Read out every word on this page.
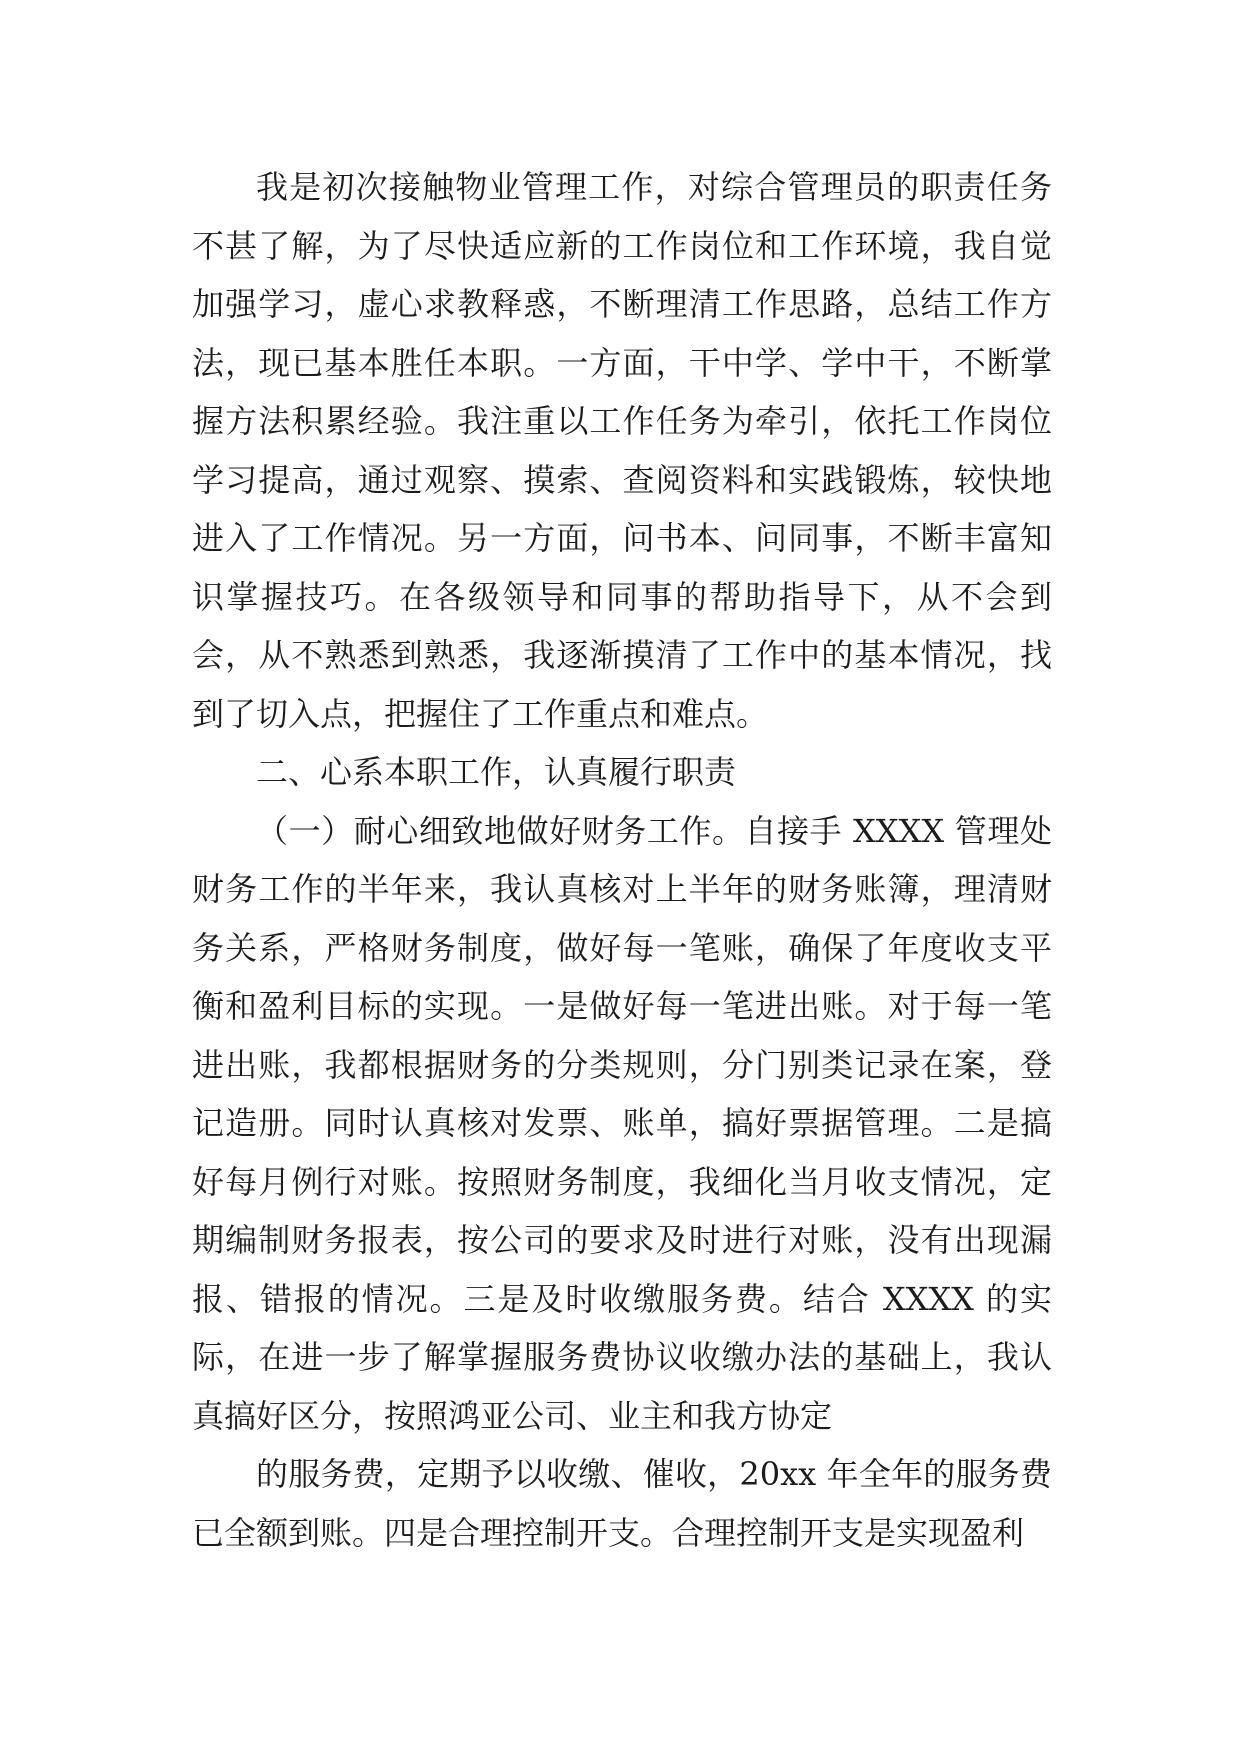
我是初次接触物业管理工作，对综合管理员的职责任务不甚了解，为了尽快适应新的工作岗位和工作环境，我自觉加强学习，虚心求教释惑，不断理清工作思路，总结工作方法，现已基本胜任本职。一方面，干中学、学中干，不断掌握方法积累经验。我注重以工作任务为牵引，依托工作岗位学习提高，通过观察、摸索、查阅资料和实践锻炼，较快地进入了工作情况。另一方面，问书本、问同事，不断丰富知识掌握技巧。在各级领导和同事的帮助指导下，从不会到会，从不熟悉到熟悉，我逐渐摸清了工作中的基本情况，找到了切入点，把握住了工作重点和难点。

二、心系本职工作，认真履行职责

（一）耐心细致地做好财务工作。自接手 XXXX 管理处财务工作的半年来，我认真核对上半年的财务账簿，理清财务关系，严格财务制度，做好每一笔账，确保了年度收支平衡和盈利目标的实现。一是做好每一笔进出账。对于每一笔进出账，我都根据财务的分类规则，分门别类记录在案，登记造册。同时认真核对发票、账单，搞好票据管理。二是搞好每月例行对账。按照财务制度，我细化当月收支情况，定期编制财务报表，按公司的要求及时进行对账，没有出现漏报、错报的情况。三是及时收缴服务费。结合 XXXX 的实际，在进一步了解掌握服务费协议收缴办法的基础上，我认真搞好区分，按照鸿亚公司、业主和我方协定

的服务费，定期予以收缴、催收，20xx 年全年的服务费已全额到账。四是合理控制开支。合理控制开支是实现盈利
